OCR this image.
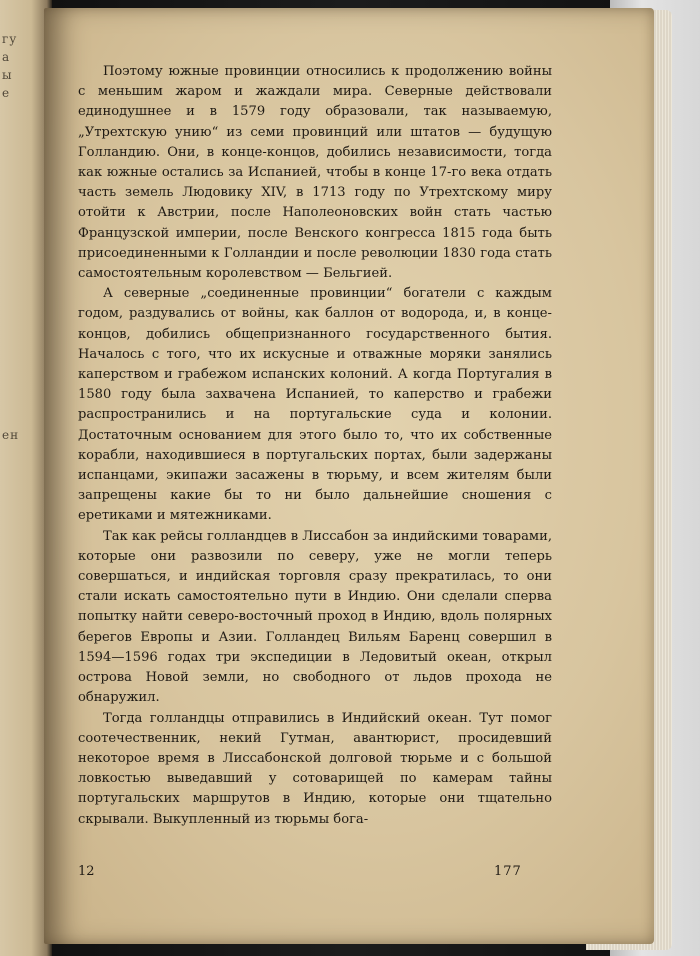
гу
а
ы
е

ен

Поэтому южные провинции относились к продолжению войны с меньшим жаром и жаждали мира. Северные действовали единодушнее и в 1579 году образовали, так называемую, „Утрехтскую унию“ из семи провинций или штатов — будущую Голландию. Они, в конце-концов, добились независимости, тогда как южные остались за Испанией, чтобы в конце 17-го века отдать часть земель Людовику XIV, в 1713 году по Утрехтскому миру отойти к Австрии, после Наполеоновских войн стать частью Французской империи, после Венского конгресса 1815 года быть присоединенными к Голландии и после революции 1830 года стать самостоятельным королевством — Бельгией.

А северные „соединенные провинции“ богатели с каждым годом, раздувались от войны, как баллон от водорода, и, в конце-концов, добились общепризнанного государственного бытия. Началось с того, что их искусные и отважные моряки занялись каперством и грабежом испанских колоний. А когда Португалия в 1580 году была захвачена Испанией, то каперство и грабежи распространились и на португальские суда и колонии. Достаточным основанием для этого было то, что их собственные корабли, находившиеся в португальских портах, были задержаны испанцами, экипажи засажены в тюрьму, и всем жителям были запрещены какие бы то ни было дальнейшие сношения с еретиками и мятежниками.

Так как рейсы голландцев в Лиссабон за индийскими товарами, которые они развозили по северу, уже не могли теперь совершаться, и индийская торговля сразу прекратилась, то они стали искать самостоятельно пути в Индию. Они сделали сперва попытку найти северо-восточный проход в Индию, вдоль полярных берегов Европы и Азии. Голландец Вильям Баренц совершил в 1594—1596 годах три экспедиции в Ледовитый океан, открыл острова Новой земли, но свободного от льдов прохода не обнаружил.

Тогда голландцы отправились в Индийский океан. Тут помог соотечественник, некий Гутман, авантюрист, просидевший некоторое время в Лиссабонской долговой тюрьме и с большой ловкостью выведавший у сотоварищей по камерам тайны португальских маршрутов в Индию, которые они тщательно скрывали. Выкупленный из тюрьмы бога-

12	177
